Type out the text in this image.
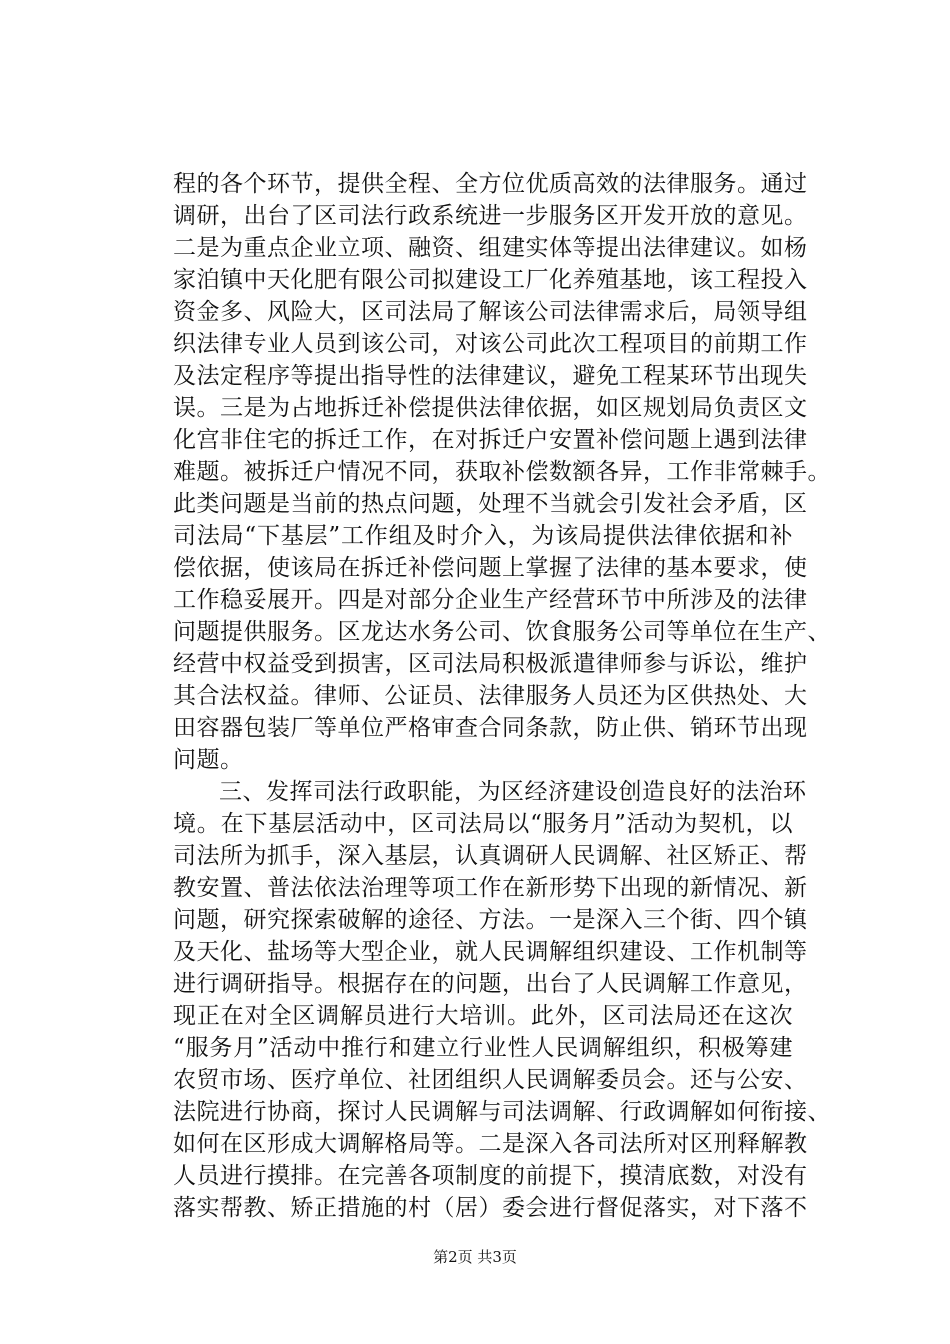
程的各个环节，提供全程、全方位优质高效的法律服务。通过
调研，出台了区司法行政系统进一步服务区开发开放的意见。
二是为重点企业立项、融资、组建实体等提出法律建议。如杨
家泊镇中天化肥有限公司拟建设工厂化养殖基地，该工程投入
资金多、风险大，区司法局了解该公司法律需求后，局领导组
织法律专业人员到该公司，对该公司此次工程项目的前期工作
及法定程序等提出指导性的法律建议，避免工程某环节出现失
误。三是为占地拆迁补偿提供法律依据，如区规划局负责区文
化宫非住宅的拆迁工作，在对拆迁户安置补偿问题上遇到法律
难题。被拆迁户情况不同，获取补偿数额各异，工作非常棘手。
此类问题是当前的热点问题，处理不当就会引发社会矛盾，区
司法局“下基层”工作组及时介入，为该局提供法律依据和补
偿依据，使该局在拆迁补偿问题上掌握了法律的基本要求，使
工作稳妥展开。四是对部分企业生产经营环节中所涉及的法律
问题提供服务。区龙达水务公司、饮食服务公司等单位在生产、
经营中权益受到损害，区司法局积极派遣律师参与诉讼，维护
其合法权益。律师、公证员、法律服务人员还为区供热处、大
田容器包装厂等单位严格审查合同条款，防止供、销环节出现
问题。
三、发挥司法行政职能，为区经济建设创造良好的法治环
境。在下基层活动中，区司法局以“服务月”活动为契机，以
司法所为抓手，深入基层，认真调研人民调解、社区矫正、帮
教安置、普法依法治理等项工作在新形势下出现的新情况、新
问题，研究探索破解的途径、方法。一是深入三个街、四个镇
及天化、盐场等大型企业，就人民调解组织建设、工作机制等
进行调研指导。根据存在的问题，出台了人民调解工作意见，
现正在对全区调解员进行大培训。此外，区司法局还在这次
“服务月”活动中推行和建立行业性人民调解组织，积极筹建
农贸市场、医疗单位、社团组织人民调解委员会。还与公安、
法院进行协商，探讨人民调解与司法调解、行政调解如何衔接、
如何在区形成大调解格局等。二是深入各司法所对区刑释解教
人员进行摸排。在完善各项制度的前提下，摸清底数，对没有
落实帮教、矫正措施的村（居）委会进行督促落实，对下落不
第2页 共3页
